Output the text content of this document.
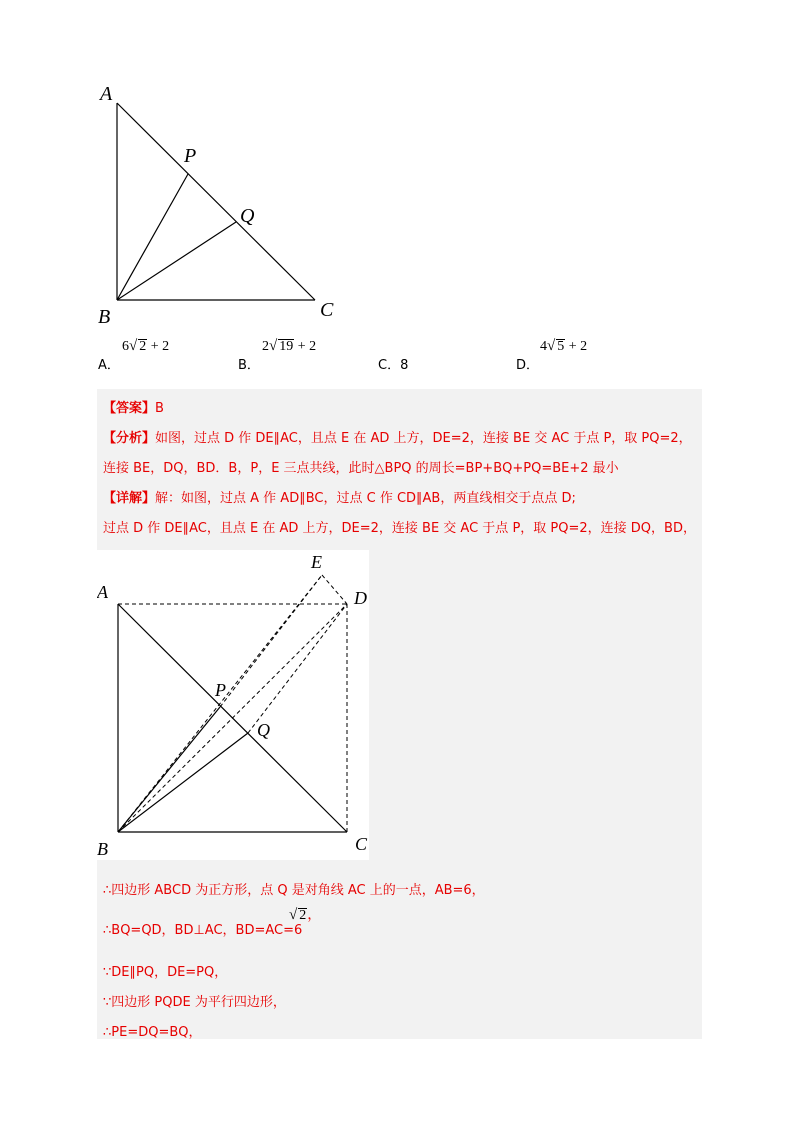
A
B	C
P
Q
A．
6√ 2 + 2
B．
2√ 19 + 2
C．8	D．
4√ 5 + 2
【答案】B
【分析】如图，过点 D 作 DE∥AC，且点 E 在 AD 上方，DE=2，连接 BE 交 AC 于点 P，取 PQ=2，
连接 BE，DQ，BD．B，P，E 三点共线，此时△BPQ 的周长=BP+BQ+PQ=BE+2 最小
【详解】解：如图，过点 A 作 AD∥BC，过点 C 作 CD∥AB，两直线相交于点点 D;
过点 D 作 DE∥AC，且点 E 在 AD 上方，DE=2，连接 BE 交 AC 于点 P，取 PQ=2，连接 DQ，BD，
A
B	C
D
E
P
Q
∴四边形 ABCD 为正方形，点 Q 是对角线 AC 上的一点，AB=6，
∴BQ=QD，BD⊥AC，BD=AC=6
√ 2，
∵DE∥PQ，DE=PQ，
∵四边形 PQDE 为平行四边形，
∴PE=DQ=BQ，
